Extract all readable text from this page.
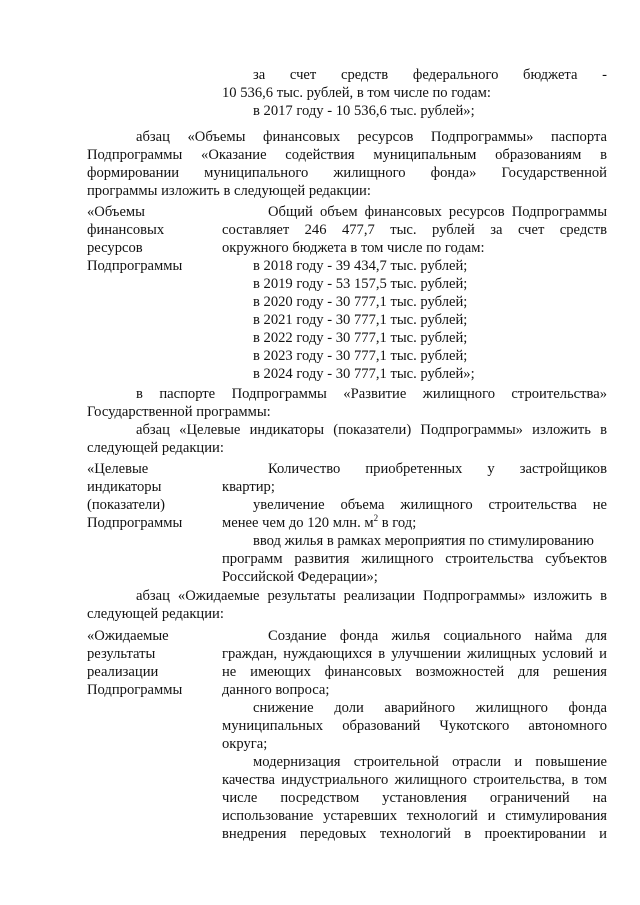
за счет средств федерального бюджета -
10 536,6 тыс. рублей, в том числе по годам:
в 2017 году - 10 536,6 тыс. рублей»;
абзац «Объемы финансовых ресурсов Подпрограммы» паспорта
Подпрограммы «Оказание содействия муниципальным образованиям в
формировании муниципального жилищного фонда» Государственной
программы изложить в следующей редакции:
«Объемы
финансовых
ресурсов
Подпрограммы
Общий объем финансовых ресурсов Подпрограммы
составляет 246 477,7 тыс. рублей за счет средств
окружного бюджета в том числе по годам:
в 2018 году - 39 434,7 тыс. рублей;
в 2019 году - 53 157,5 тыс. рублей;
в 2020 году - 30 777,1 тыс. рублей;
в 2021 году - 30 777,1 тыс. рублей;
в 2022 году - 30 777,1 тыс. рублей;
в 2023 году - 30 777,1 тыс. рублей;
в 2024 году - 30 777,1 тыс. рублей»;
в паспорте Подпрограммы «Развитие жилищного строительства»
Государственной программы:
абзац «Целевые индикаторы (показатели) Подпрограммы» изложить в
следующей редакции:
«Целевые
индикаторы
(показатели)
Подпрограммы
Количество приобретенных у застройщиков
квартир;
увеличение объема жилищного строительства не
менее чем до 120 млн. $м^2$ в год;
ввод жилья в рамках мероприятия по стимулированию
программ развития жилищного строительства субъектов
Российской Федерации»;
абзац «Ожидаемые результаты реализации Подпрограммы» изложить в
следующей редакции:
«Ожидаемые
результаты
реализации
Подпрограммы
Создание фонда жилья социального найма для
граждан, нуждающихся в улучшении жилищных условий и
не имеющих финансовых возможностей для решения
данного вопроса;
снижение доли аварийного жилищного фонда
муниципальных образований Чукотского автономного
округа;
модернизация строительной отрасли и повышение
качества индустриального жилищного строительства, в том
числе посредством установления ограничений на
использование устаревших технологий и стимулирования
внедрения передовых технологий в проектировании и
